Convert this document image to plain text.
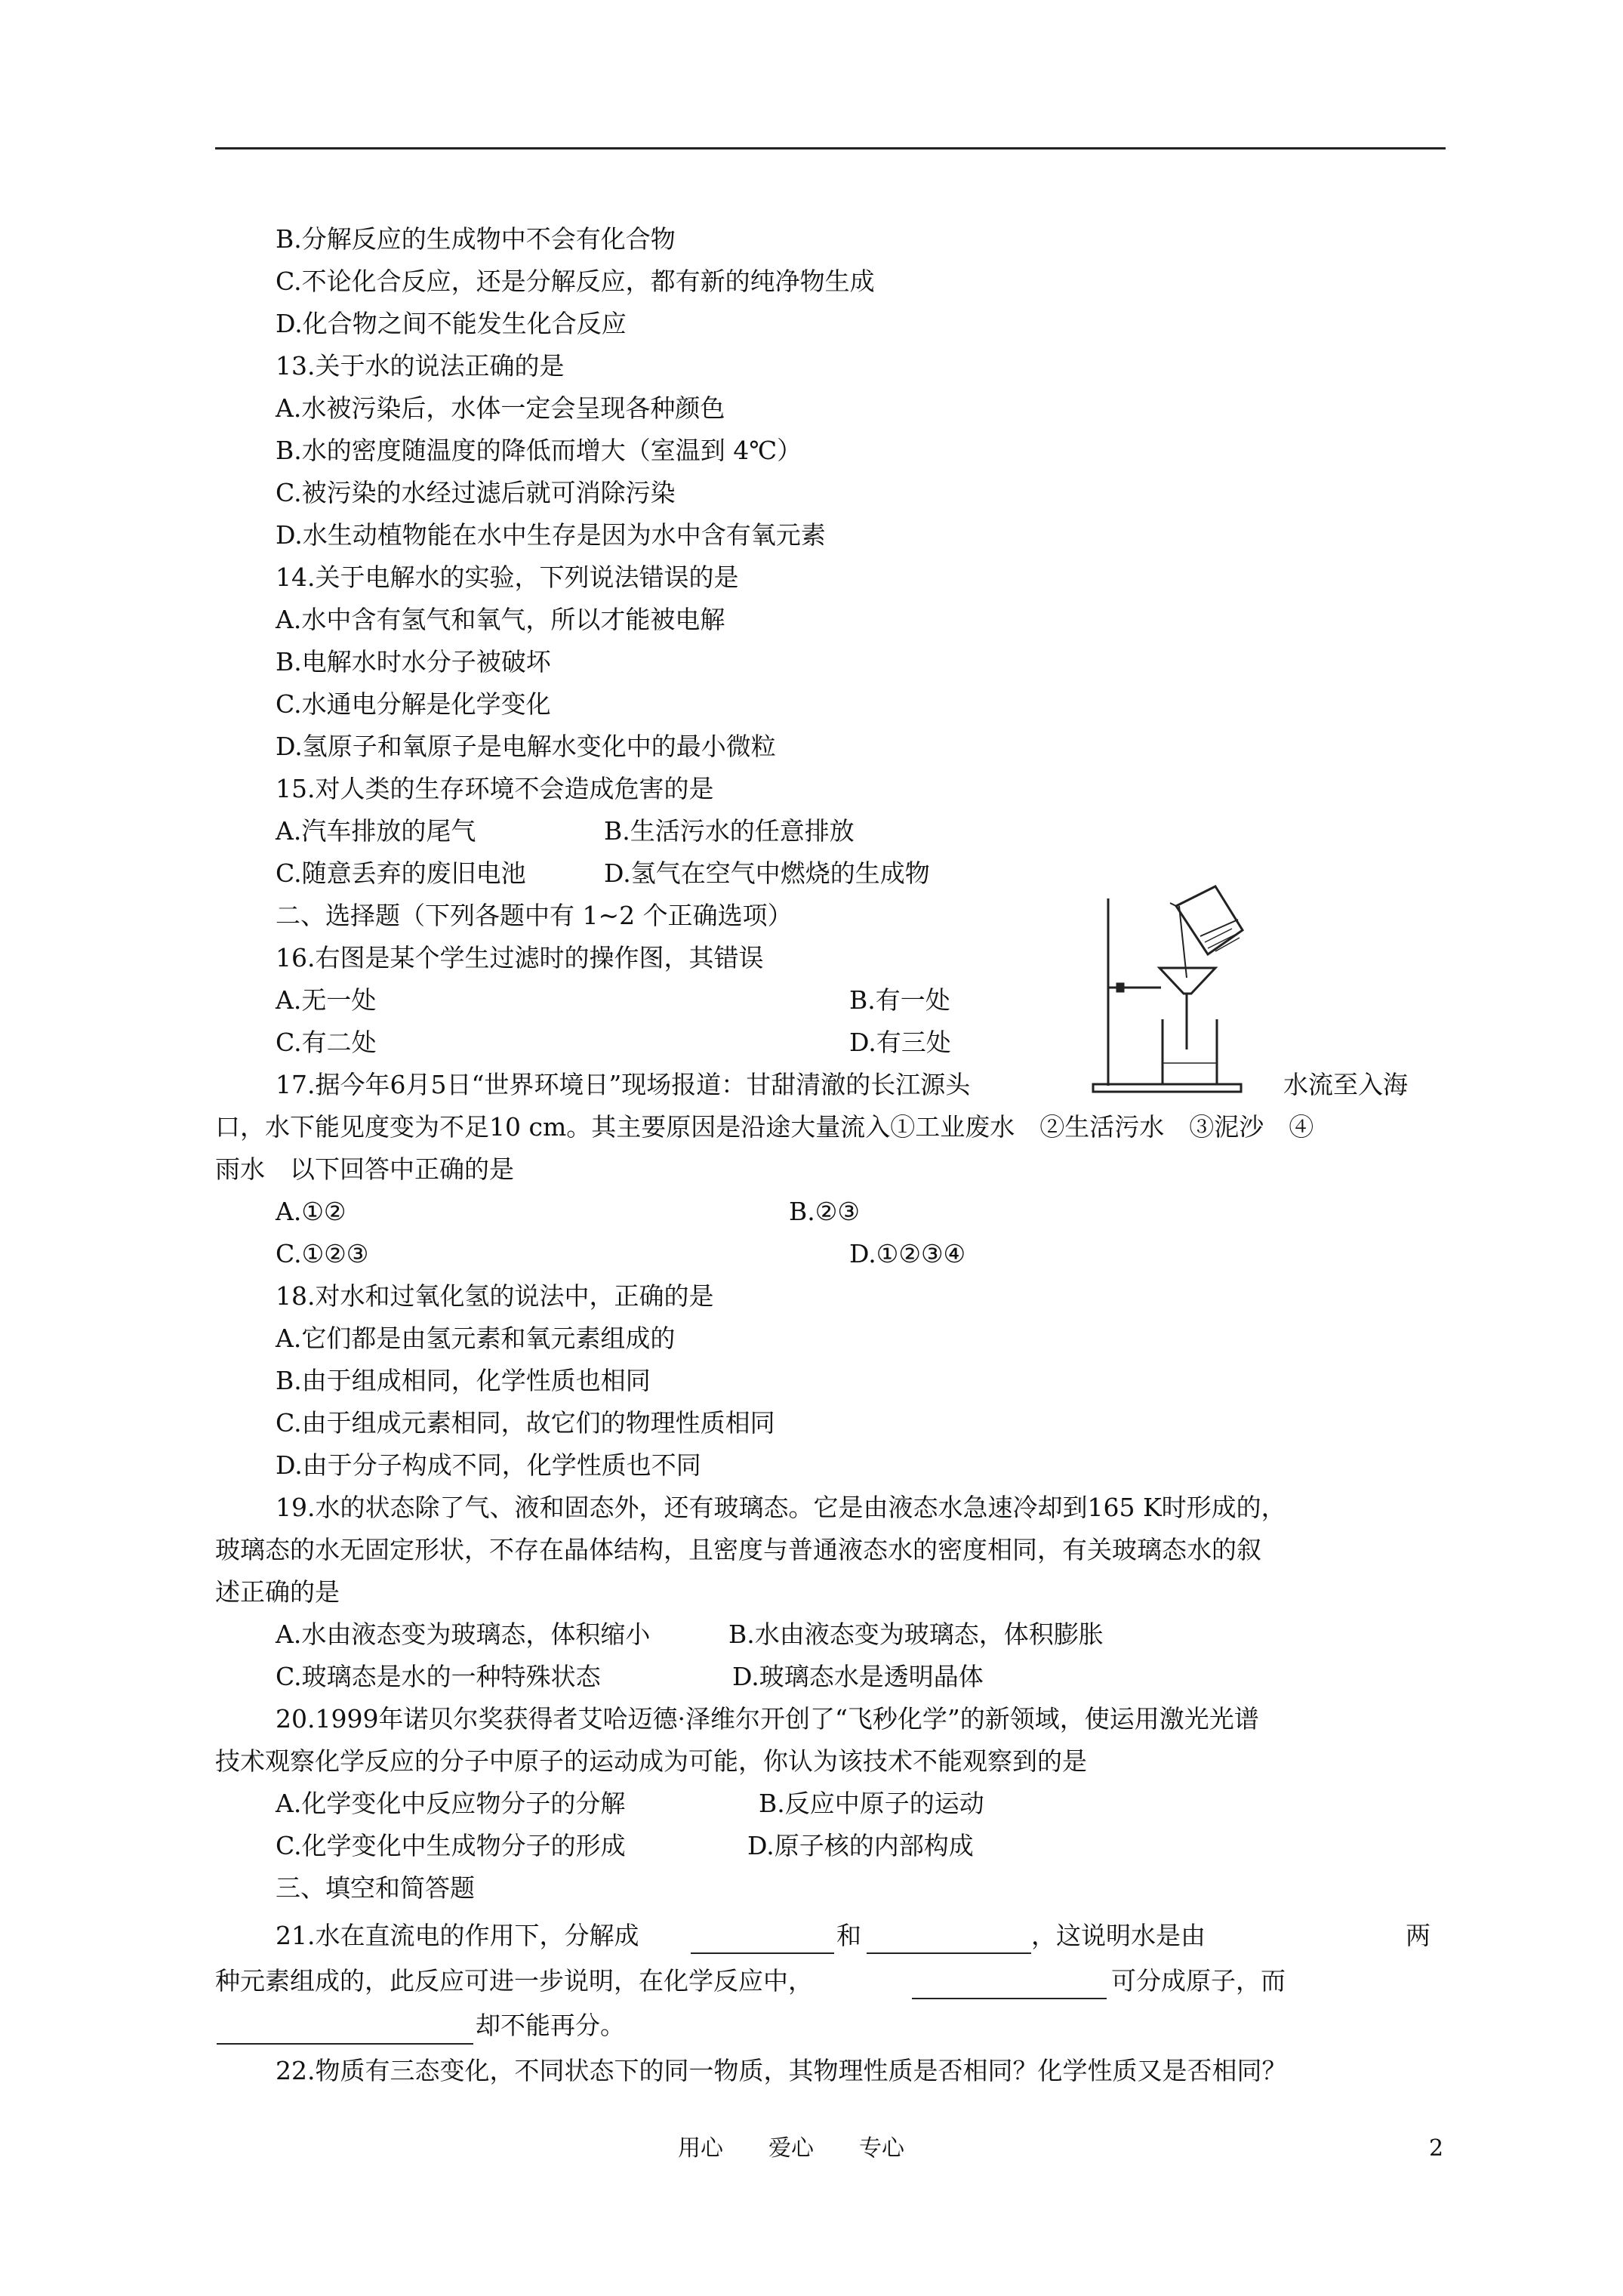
B.分解反应的生成物中不会有化合物
C.不论化合反应，还是分解反应，都有新的纯净物生成
D.化合物之间不能发生化合反应
13.关于水的说法正确的是
A.水被污染后，水体一定会呈现各种颜色
B.水的密度随温度的降低而增大（室温到 4℃）
C.被污染的水经过滤后就可消除污染
D.水生动植物能在水中生存是因为水中含有氧元素
14.关于电解水的实验，下列说法错误的是
A.水中含有氢气和氧气，所以才能被电解
B.电解水时水分子被破坏
C.水通电分解是化学变化
D.氢原子和氧原子是电解水变化中的最小微粒
15.对人类的生存环境不会造成危害的是
A.汽车排放的尾气	B.生活污水的任意排放
C.随意丢弃的废旧电池	D.氢气在空气中燃烧的生成物
二、选择题（下列各题中有 1~2 个正确选项）
16.右图是某个学生过滤时的操作图，其错误
A.无一处	B.有一处
C.有二处	D.有三处
17.据今年6月5日“世界环境日”现场报道：甘甜清澈的长江源头	水流至入海
口，水下能见度变为不足10 cm。其主要原因是沿途大量流入①工业废水　②生活污水　③泥沙　④
雨水　以下回答中正确的是
A.①②	B.②③
C.①②③	D.①②③④
18.对水和过氧化氢的说法中，正确的是
A.它们都是由氢元素和氧元素组成的
B.由于组成相同，化学性质也相同
C.由于组成元素相同，故它们的物理性质相同
D.由于分子构成不同，化学性质也不同
19.水的状态除了气、液和固态外，还有玻璃态。它是由液态水急速冷却到165 K时形成的，
玻璃态的水无固定形状，不存在晶体结构，且密度与普通液态水的密度相同，有关玻璃态水的叙
述正确的是
A.水由液态变为玻璃态，体积缩小	B.水由液态变为玻璃态，体积膨胀
C.玻璃态是水的一种特殊状态	D.玻璃态水是透明晶体
20.1999年诺贝尔奖获得者艾哈迈德·泽维尔开创了“飞秒化学”的新领域，使运用激光光谱
技术观察化学反应的分子中原子的运动成为可能，你认为该技术不能观察到的是
A.化学变化中反应物分子的分解	B.反应中原子的运动
C.化学变化中生成物分子的形成	D.原子核的内部构成
三、填空和简答题
21.水在直流电的作用下，分解成	和	，这说明水是由	两
种元素组成的，此反应可进一步说明，在化学反应中，	可分成原子，而
却不能再分。
22.物质有三态变化，不同状态下的同一物质，其物理性质是否相同？化学性质又是否相同？
用心　　爱心　　专心	2
